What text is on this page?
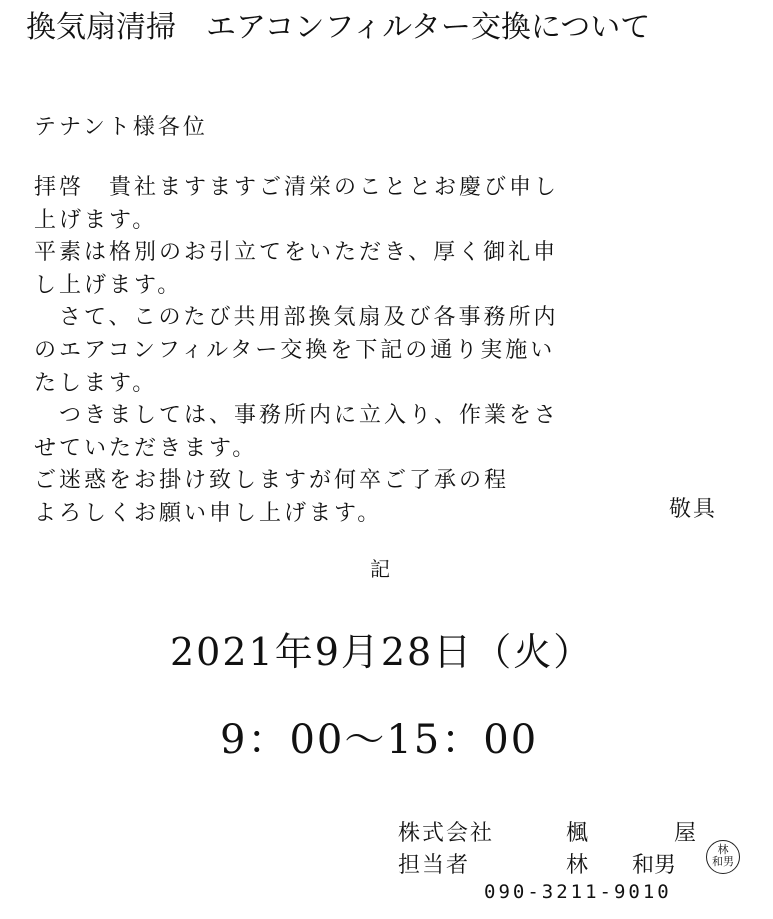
換気扇清掃　エアコンフィルター交換について
テナント様各位
拝啓　貴社ますますご清栄のこととお慶び申し
上げます。
平素は格別のお引立てをいただき、厚く御礼申
し上げます。
　さて、このたび共用部換気扇及び各事務所内
のエアコンフィルター交換を下記の通り実施い
たします。
　つきましては、事務所内に立入り、作業をさ
せていただきます。
ご迷惑をお掛け致しますが何卒ご了承の程
よろしくお願い申し上げます。	敬具
記
2021年9月28日（火）
9：00〜15：00
株式会社	楓	屋
担当者	林 和男
林
和男
090-3211-9010
